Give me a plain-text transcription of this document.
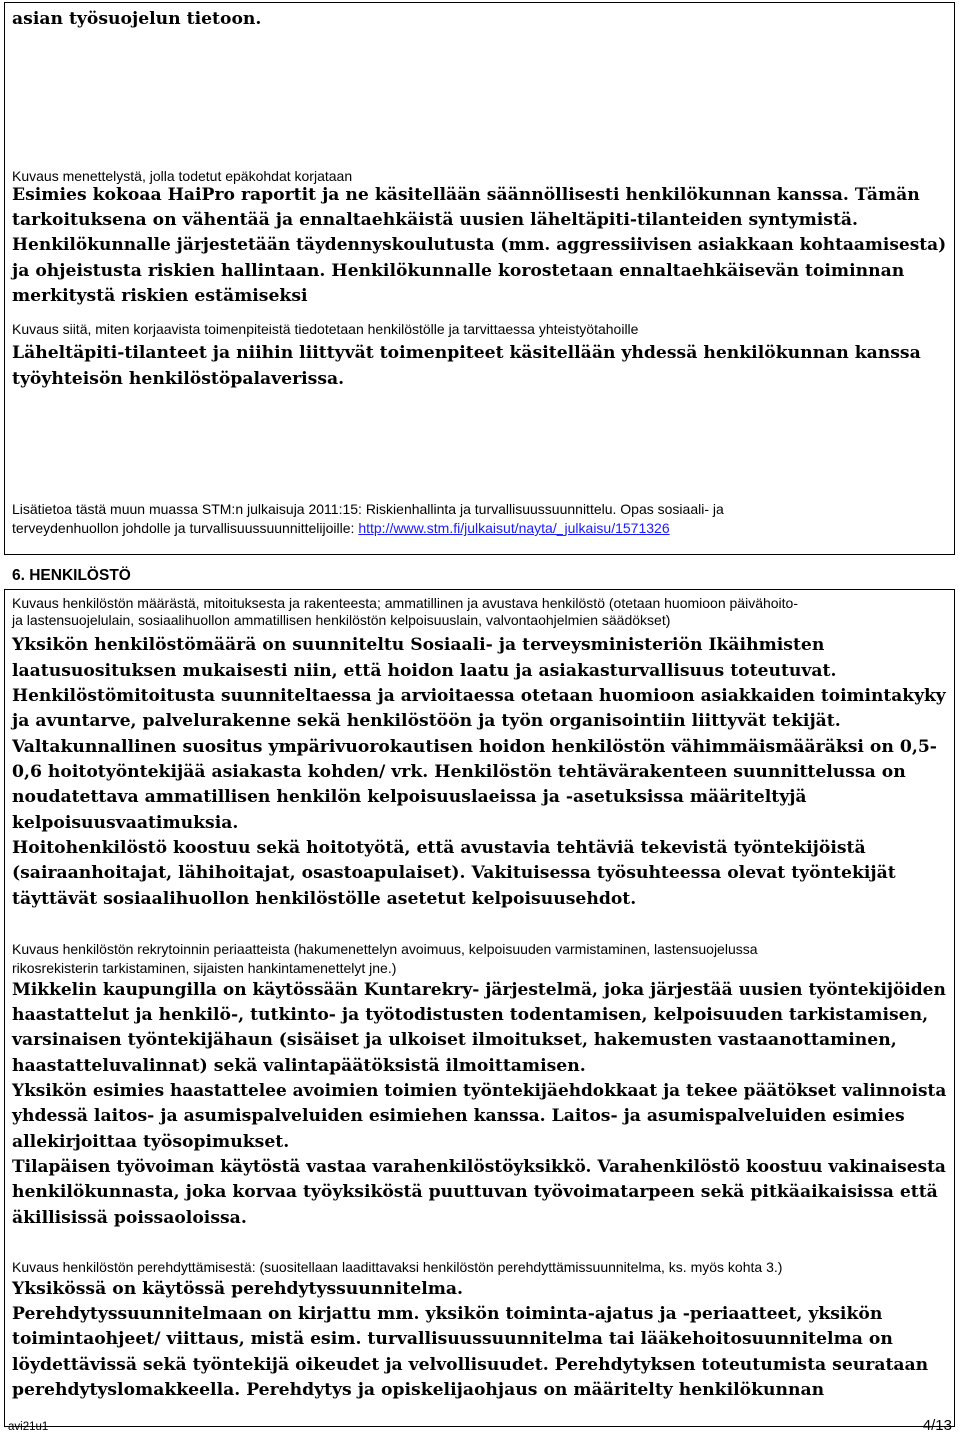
asian työsuojelun tietoon.
Kuvaus menettelystä, jolla todetut epäkohdat korjataan
Esimies kokoaa HaiPro raportit ja ne käsitellään säännöllisesti henkilökunnan kanssa. Tämän
tarkoituksena on vähentää ja ennaltaehkäistä uusien läheltäpiti-tilanteiden syntymistä.
Henkilökunnalle järjestetään täydennyskoulutusta (mm. aggressiivisen asiakkaan kohtaamisesta)
ja ohjeistusta riskien hallintaan. Henkilökunnalle korostetaan ennaltaehkäisevän toiminnan
merkitystä riskien estämiseksi
Kuvaus siitä, miten korjaavista toimenpiteistä tiedotetaan henkilöstölle ja tarvittaessa yhteistyötahoille
Läheltäpiti-tilanteet ja niihin liittyvät toimenpiteet käsitellään yhdessä henkilökunnan kanssa
työyhteisön henkilöstöpalaverissa.
Lisätietoa tästä muun muassa STM:n julkaisuja 2011:15: Riskienhallinta ja turvallisuussuunnittelu. Opas sosiaali- ja
terveydenhuollon johdolle ja turvallisuussuunnittelijoille: http://www.stm.fi/julkaisut/nayta/_julkaisu/1571326
6. HENKILÖSTÖ
Kuvaus henkilöstön määrästä, mitoituksesta ja rakenteesta; ammatillinen ja avustava henkilöstö (otetaan huomioon päivähoito-
ja lastensuojelulain, sosiaalihuollon ammatillisen henkilöstön kelpoisuuslain, valvontaohjelmien säädökset)
Yksikön henkilöstömäärä on suunniteltu Sosiaali- ja terveysministeriön Ikäihmisten
laatusuosituksen mukaisesti niin, että hoidon laatu ja asiakasturvallisuus toteutuvat.
Henkilöstömitoitusta suunniteltaessa ja arvioitaessa otetaan huomioon asiakkaiden toimintakyky
ja avuntarve, palvelurakenne sekä henkilöstöön ja työn organisointiin liittyvät tekijät.
Valtakunnallinen suositus ympärivuorokautisen hoidon henkilöstön vähimmäismääräksi on 0,5-
0,6 hoitotyöntekijää asiakasta kohden/ vrk. Henkilöstön tehtävärakenteen suunnittelussa on
noudatettava ammatillisen henkilön kelpoisuuslaeissa ja -asetuksissa määriteltyjä
kelpoisuusvaatimuksia.
Hoitohenkilöstö koostuu sekä hoitotyötä, että avustavia tehtäviä tekevistä työntekijöistä
(sairaanhoitajat, lähihoitajat, osastoapulaiset). Vakituisessa työsuhteessa olevat työntekijät
täyttävät sosiaalihuollon henkilöstölle asetetut kelpoisuusehdot.
Kuvaus henkilöstön rekrytoinnin periaatteista (hakumenettelyn avoimuus, kelpoisuuden varmistaminen, lastensuojelussa
rikosrekisterin tarkistaminen, sijaisten hankintamenettelyt jne.)
Mikkelin kaupungilla on käytössään Kuntarekry- järjestelmä, joka järjestää uusien työntekijöiden
haastattelut ja henkilö-, tutkinto- ja työtodistusten todentamisen, kelpoisuuden tarkistamisen,
varsinaisen työntekijähaun (sisäiset ja ulkoiset ilmoitukset, hakemusten vastaanottaminen,
haastatteluvalinnat) sekä valintapäätöksistä ilmoittamisen.
Yksikön esimies haastattelee avoimien toimien työntekijäehdokkaat ja tekee päätökset valinnoista
yhdessä laitos- ja asumispalveluiden esimiehen kanssa. Laitos- ja asumispalveluiden esimies
allekirjoittaa työsopimukset.
Tilapäisen työvoiman käytöstä vastaa varahenkilöstöyksikkö. Varahenkilöstö koostuu vakinaisesta
henkilökunnasta, joka korvaa työyksiköstä puuttuvan työvoimatarpeen sekä pitkäaikaisissa että
äkillisissä poissaoloissa.
Kuvaus henkilöstön perehdyttämisestä: (suositellaan laadittavaksi henkilöstön perehdyttämissuunnitelma, ks. myös kohta 3.)
Yksikössä on käytössä perehdytyssuunnitelma.
Perehdytyssuunnitelmaan on kirjattu mm. yksikön toiminta-ajatus ja -periaatteet, yksikön
toimintaohjeet/ viittaus, mistä esim. turvallisuussuunnitelma tai lääkehoitosuunnitelma on
löydettävissä sekä työntekijä oikeudet ja velvollisuudet. Perehdytyksen toteutumista seurataan
perehdytyslomakkeella. Perehdytys ja opiskelijaohjaus on määritelty henkilökunnan
avi21u1	4/13
